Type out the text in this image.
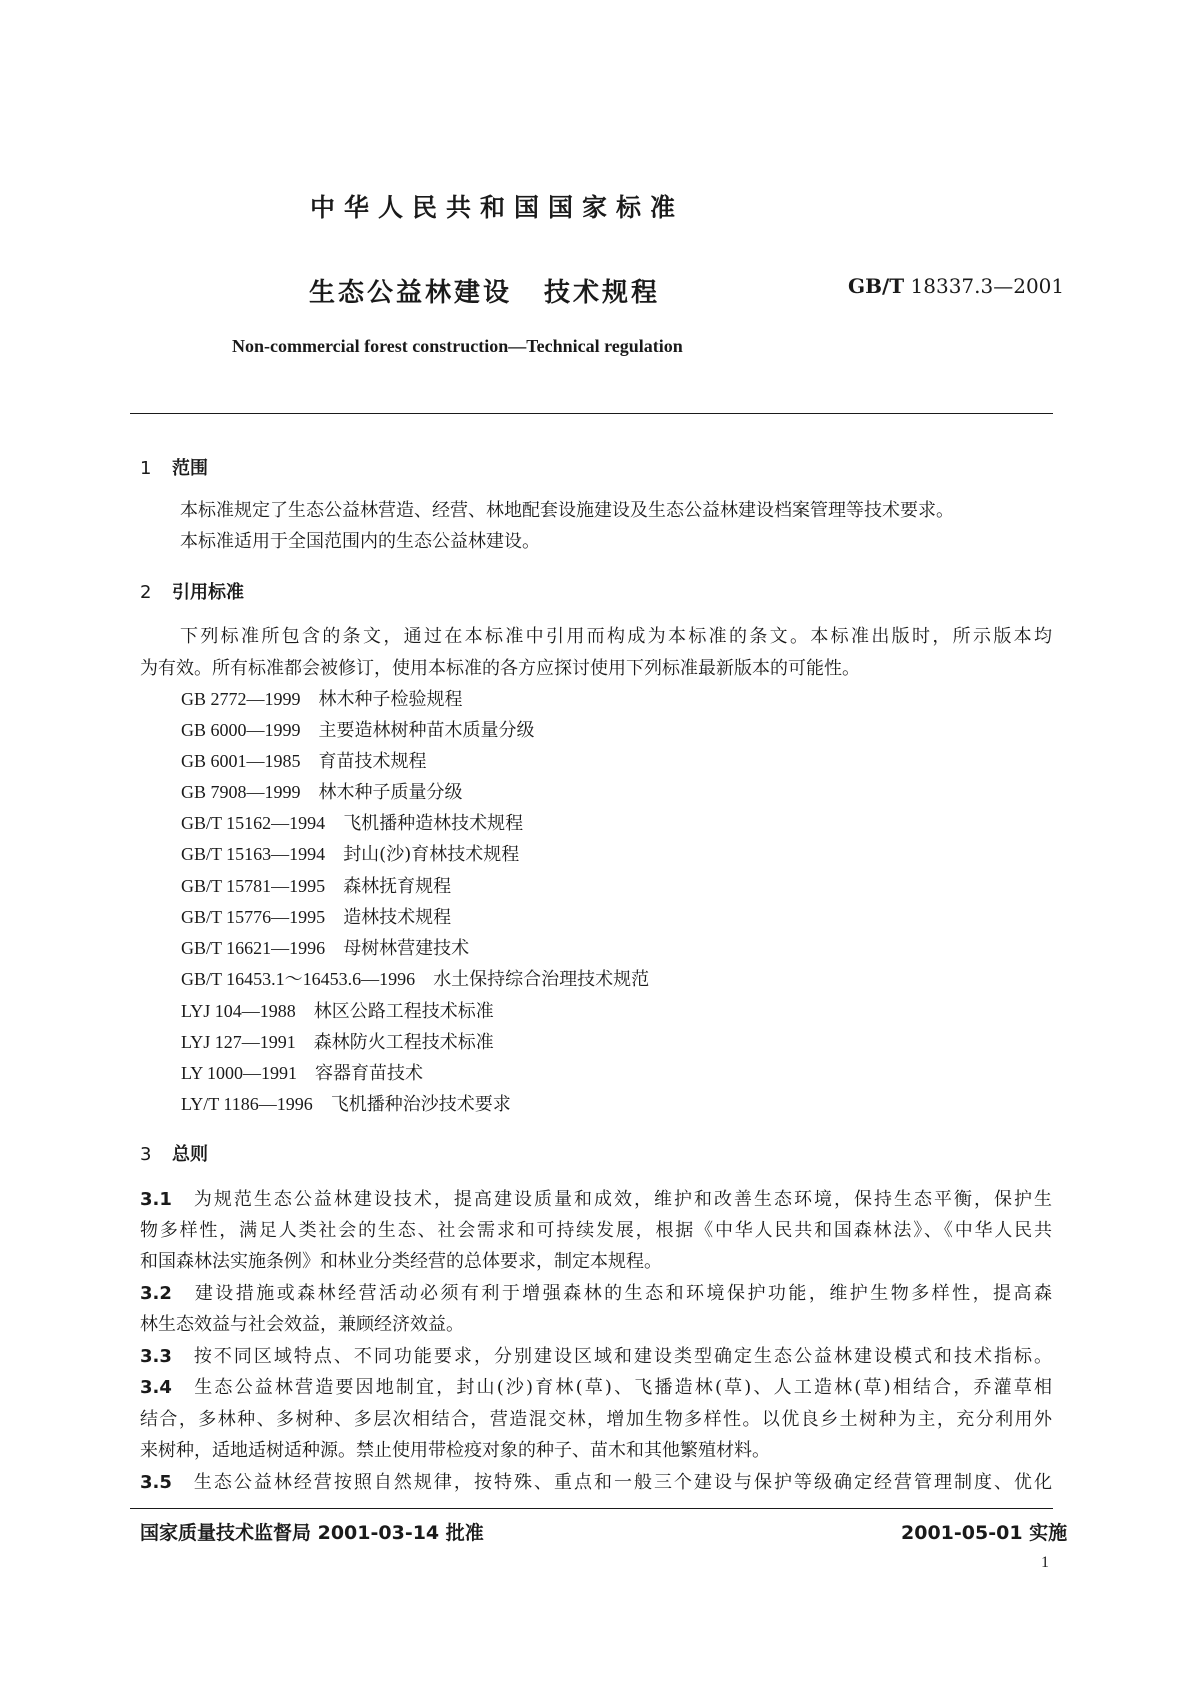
中华人民共和国国家标准
生态公益林建设 技术规程	GB/T 18337.3—2001
Non-commercial forest construction—Technical regulation
1 范围
本标准规定了生态公益林营造、经营、林地配套设施建设及生态公益林建设档案管理等技术要求。
本标准适用于全国范围内的生态公益林建设。
2 引用标准
下列标准所包含的条文，通过在本标准中引用而构成为本标准的条文。本标准出版时，所示版本均
为有效。所有标准都会被修订，使用本标准的各方应探讨使用下列标准最新版本的可能性。
GB 2772—1999 林木种子检验规程
GB 6000—1999 主要造林树种苗木质量分级
GB 6001—1985 育苗技术规程
GB 7908—1999 林木种子质量分级
GB/T 15162—1994 飞机播种造林技术规程
GB/T 15163—1994 封山(沙)育林技术规程
GB/T 15781—1995 森林抚育规程
GB/T 15776—1995 造林技术规程
GB/T 16621—1996 母树林营建技术
GB/T 16453.1～16453.6—1996 水土保持综合治理技术规范
LYJ 104—1988 林区公路工程技术标准
LYJ 127—1991 森林防火工程技术标准
LY 1000—1991 容器育苗技术
LY/T 1186—1996 飞机播种治沙技术要求
3 总则
3.1　 为规范生态公益林建设技术，提高建设质量和成效，维护和改善生态环境，保持生态平衡，保护生
物多样性，满足人类社会的生态、社会需求和可持续发展，根据《中华人民共和国森林法》、《中华人民共
和国森林法实施条例》和林业分类经营的总体要求，制定本规程。
3.2　 建设措施或森林经营活动必须有利于增强森林的生态和环境保护功能，维护生物多样性，提高森
林生态效益与社会效益，兼顾经济效益。
3.3　 按不同区域特点、不同功能要求，分别建设区域和建设类型确定生态公益林建设模式和技术指标。
3.4　 生态公益林营造要因地制宜，封山(沙)育林(草)、飞播造林(草)、人工造林(草)相结合，乔灌草相
结合，多林种、多树种、多层次相结合，营造混交林，增加生物多样性。以优良乡土树种为主，充分利用外
来树种，适地适树适种源。禁止使用带检疫对象的种子、苗木和其他繁殖材料。
3.5　 生态公益林经营按照自然规律，按特殊、重点和一般三个建设与保护等级确定经营管理制度、优化
国家质量技术监督局 2001-03-14 批准	2001-05-01 实施
1
